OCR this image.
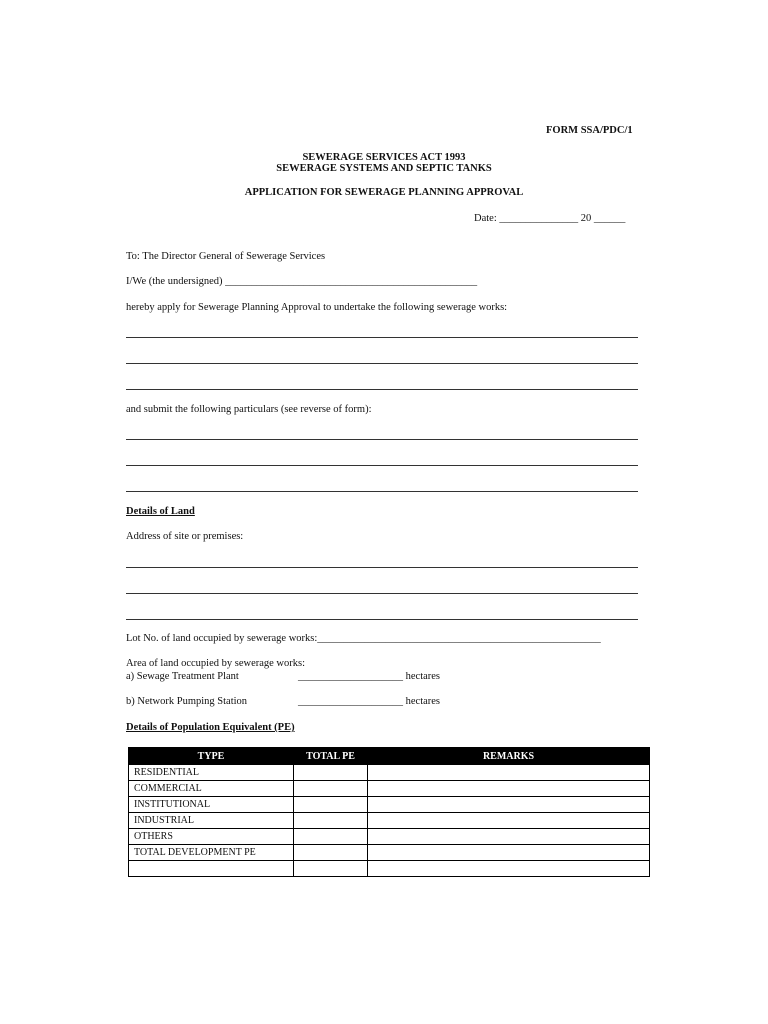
FORM SSA/PDC/1
SEWERAGE SERVICES ACT 1993
SEWERAGE SYSTEMS AND SEPTIC TANKS
APPLICATION FOR SEWERAGE PLANNING APPROVAL
Date: _______________ 20 ______
To: The Director General of Sewerage Services
I/We (the undersigned) ________________________________________________
hereby apply for Sewerage Planning Approval to undertake the following sewerage works:
and submit the following particulars (see reverse of form):
Details of Land
Address of site or premises:
Lot No. of land occupied by sewerage works:______________________________________________________
Area of land occupied by sewerage works:
a) Sewage Treatment Plant	____________________ hectares
b) Network Pumping Station	____________________ hectares
Details of Population Equivalent (PE)
TYPE	TOTAL PE	REMARKS
RESIDENTIAL		
COMMERCIAL		
INSTITUTIONAL		
INDUSTRIAL		
OTHERS		
TOTAL DEVELOPMENT PE		
